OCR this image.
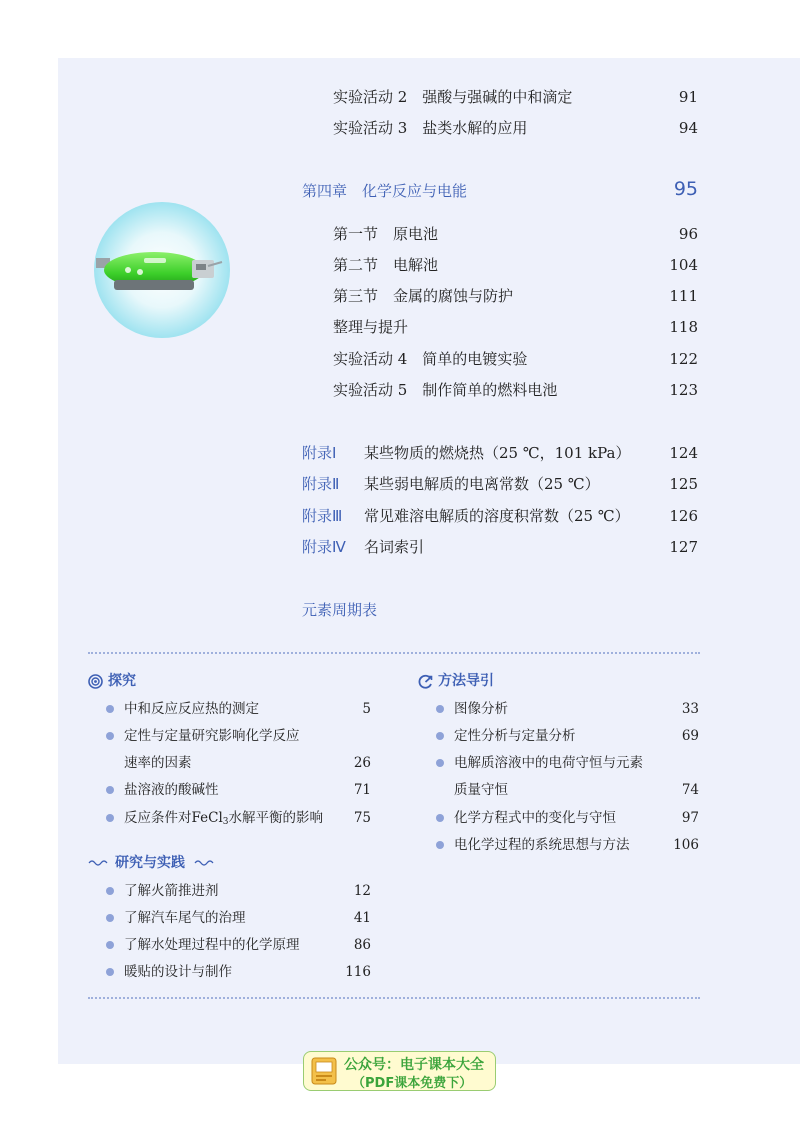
实验活动 2　强酸与强碱的中和滴定	91
实验活动 3　盐类水解的应用	94
第四章　化学反应与电能	95
第一节　原电池	96
第二节　电解池	104
第三节　金属的腐蚀与防护	111
整理与提升	118
实验活动 4　简单的电镀实验	122
实验活动 5　制作简单的燃料电池	123
附录Ⅰ 某些物质的燃烧热（25 ℃，101 kPa）	124
附录Ⅱ 某些弱电解质的电离常数（25 ℃）	125
附录Ⅲ 常见难溶电解质的溶度积常数（25 ℃）	126
附录Ⅳ 名词索引	127
元素周期表
探究
中和反应反应热的测定	5
定性与定量研究影响化学反应
速率的因素	26
盐溶液的酸碱性	71
反应条件对FeCl3水解平衡的影响 75
研究与实践
了解火箭推进剂	12
了解汽车尾气的治理	41
了解水处理过程中的化学原理	86
暖贴的设计与制作	116
方法导引
图像分析	33
定性分析与定量分析	69
电解质溶液中的电荷守恒与元素
质量守恒	74
化学方程式中的变化与守恒	97
电化学过程的系统思想与方法	106
公众号：电子课本大全
（PDF课本免费下）
